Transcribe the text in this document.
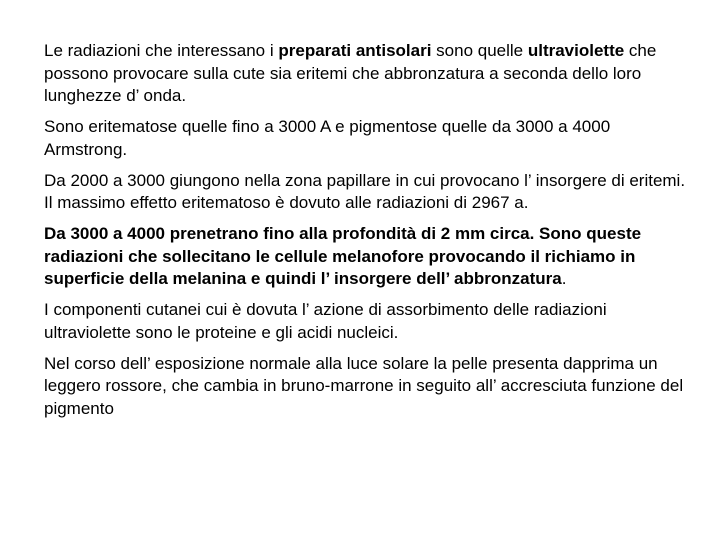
Le radiazioni che interessano i preparati antisolari sono quelle ultraviolette che possono provocare sulla cute sia eritemi che abbronzatura a seconda dello loro lunghezze d’ onda.

Sono eritematose quelle fino a 3000 A e pigmentose quelle da 3000 a 4000 Armstrong.

Da 2000 a 3000 giungono nella zona papillare in cui provocano l’ insorgere di eritemi. Il massimo effetto eritematoso è dovuto alle radiazioni di 2967 a.

Da 3000 a 4000 prenetrano fino alla profondità di 2 mm circa. Sono queste radiazioni che sollecitano le cellule melanofore provocando il richiamo in superficie della melanina e quindi l’ insorgere dell’ abbronzatura.

I componenti cutanei cui è dovuta l’ azione di assorbimento delle radiazioni ultraviolette sono le proteine e gli acidi nucleici.

Nel corso dell’ esposizione normale alla luce solare la pelle presenta dapprima un leggero rossore, che cambia in bruno-marrone in seguito all’ accresciuta funzione del pigmento
